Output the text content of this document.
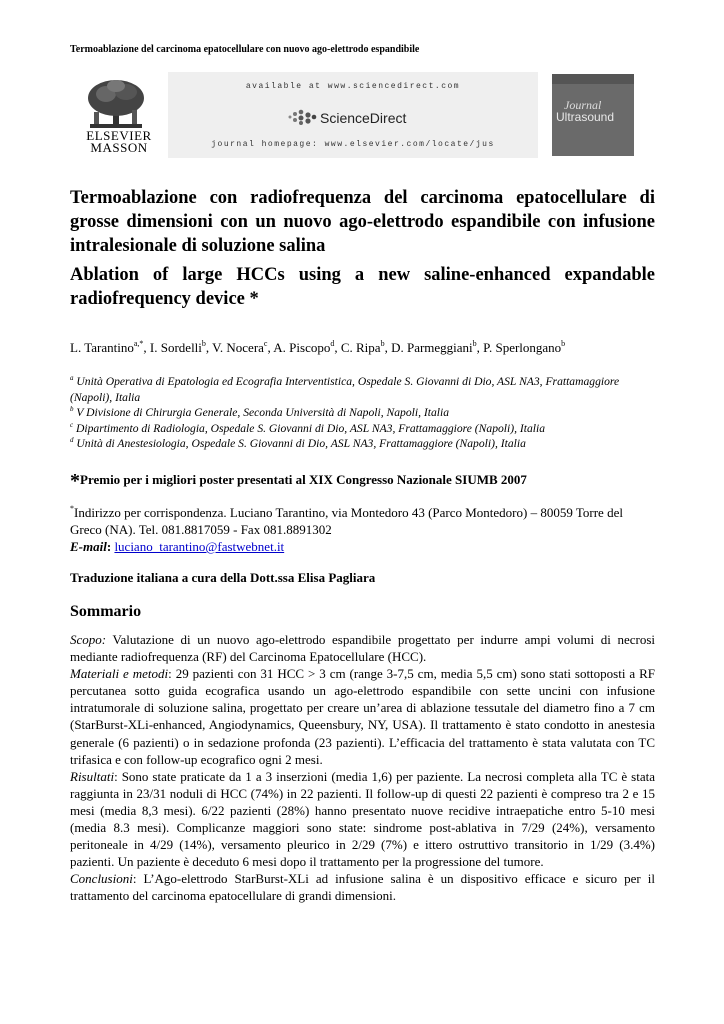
Termoablazione del carcinoma epatocellulare con nuovo ago-elettrodo espandibile
ELSEVIER
MASSON
available at www.sciencedirect.com
ScienceDirect
journal homepage: www.elsevier.com/locate/jus
Journal
Ultrasound
Termoablazione con radiofrequenza del carcinoma epatocellulare di grosse dimensioni con un nuovo ago-elettrodo espandibile con infusione intralesionale di soluzione salina
Ablation of large HCCs using a new saline-enhanced expandable radiofrequency device *
L. Tarantino$^{a,*}$, I. Sordelli$^b$, V. Nocera$^c$, A. Piscopo$^d$, C. Ripa$^b$, D. Parmeggiani$^b$, P. Sperlongano$^b$
$^a$ Unità Operativa di Epatologia ed Ecografia Interventistica, Ospedale S. Giovanni di Dio, ASL NA3, Frattamaggiore (Napoli), Italia
$^b$ V Divisione di Chirurgia Generale, Seconda Università di Napoli, Napoli, Italia
$^c$ Dipartimento di Radiologia, Ospedale S. Giovanni di Dio, ASL NA3, Frattamaggiore (Napoli), Italia
$^d$ Unità di Anestesiologia, Ospedale S. Giovanni di Dio, ASL NA3, Frattamaggiore (Napoli), Italia
*Premio per i migliori poster presentati al XIX Congresso Nazionale SIUMB 2007
*Indirizzo per corrispondenza. Luciano Tarantino, via Montedoro 43 (Parco Montedoro) – 80059 Torre del Greco (NA). Tel. 081.8817059 - Fax 081.8891302
E-mail: luciano_tarantino@fastwebnet.it
Traduzione italiana a cura della Dott.ssa Elisa Pagliara
Sommario

Scopo: Valutazione di un nuovo ago-elettrodo espandibile progettato per indurre ampi volumi di necrosi mediante radiofrequenza (RF) del Carcinoma Epatocellulare (HCC).

Materiali e metodi: 29 pazienti con 31 HCC > 3 cm (range 3-7,5 cm, media 5,5 cm) sono stati sottoposti a RF percutanea sotto guida ecografica usando un ago-elettrodo espandibile con sette uncini con infusione intratumorale di soluzione salina, progettato per creare un’area di ablazione tessutale del diametro fino a 7 cm (StarBurst-XLi-enhanced, Angiodynamics, Queensbury, NY, USA). Il trattamento è stato condotto in anestesia generale (6 pazienti) o in sedazione profonda (23 pazienti). L’efficacia del trattamento è stata valutata con TC trifasica e con follow-up ecografico ogni 2 mesi.

Risultati: Sono state praticate da 1 a 3 inserzioni (media 1,6) per paziente. La necrosi completa alla TC è stata raggiunta in 23/31 noduli di HCC (74%) in 22 pazienti. Il follow-up di questi 22 pazienti è compreso tra 2 e 15 mesi (media 8,3 mesi). 6/22 pazienti (28%) hanno presentato nuove recidive intraepatiche entro 5-10 mesi (media 8.3 mesi). Complicanze maggiori sono state: sindrome post-ablativa in 7/29 (24%), versamento peritoneale in 4/29 (14%), versamento pleurico in 2/29 (7%) e ittero ostruttivo transitorio in 1/29 (3.4%) pazienti. Un paziente è deceduto 6 mesi dopo il trattamento per la progressione del tumore.

Conclusioni: L’Ago-elettrodo StarBurst-XLi ad infusione salina è un dispositivo efficace e sicuro per il trattamento del carcinoma epatocellulare di grandi dimensioni.
